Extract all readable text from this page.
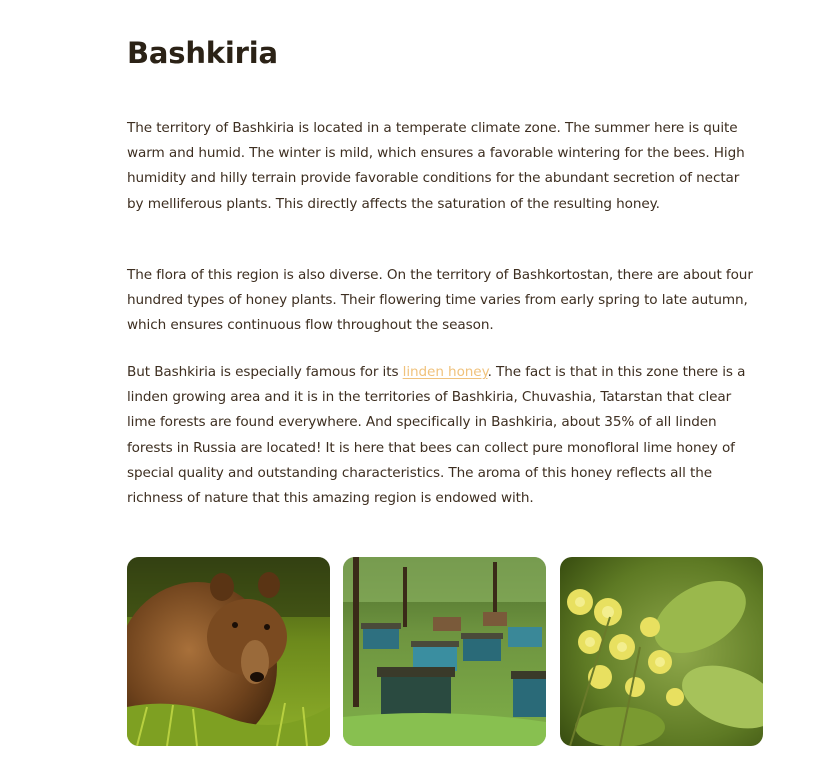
Bashkiria

The territory of Bashkiria is located in a temperate climate zone. The summer here is quite warm and humid. The winter is mild, which ensures a favorable wintering for the bees. High humidity and hilly terrain provide favorable conditions for the abundant secretion of nectar by melliferous plants. This directly affects the saturation of the resulting honey.

The flora of this region is also diverse. On the territory of Bashkortostan, there are about four hundred types of honey plants. Their flowering time varies from early spring to late autumn, which ensures continuous flow throughout the season.

But Bashkiria is especially famous for its linden honey. The fact is that in this zone there is a linden growing area and it is in the territories of Bashkiria, Chuvashia, Tatarstan that clear lime forests are found everywhere. And specifically in Bashkiria, about 35% of all linden forests in Russia are located! It is here that bees can collect pure monofloral lime honey of special quality and outstanding characteristics. The aroma of this honey reflects all the richness of nature that this amazing region is endowed with.
